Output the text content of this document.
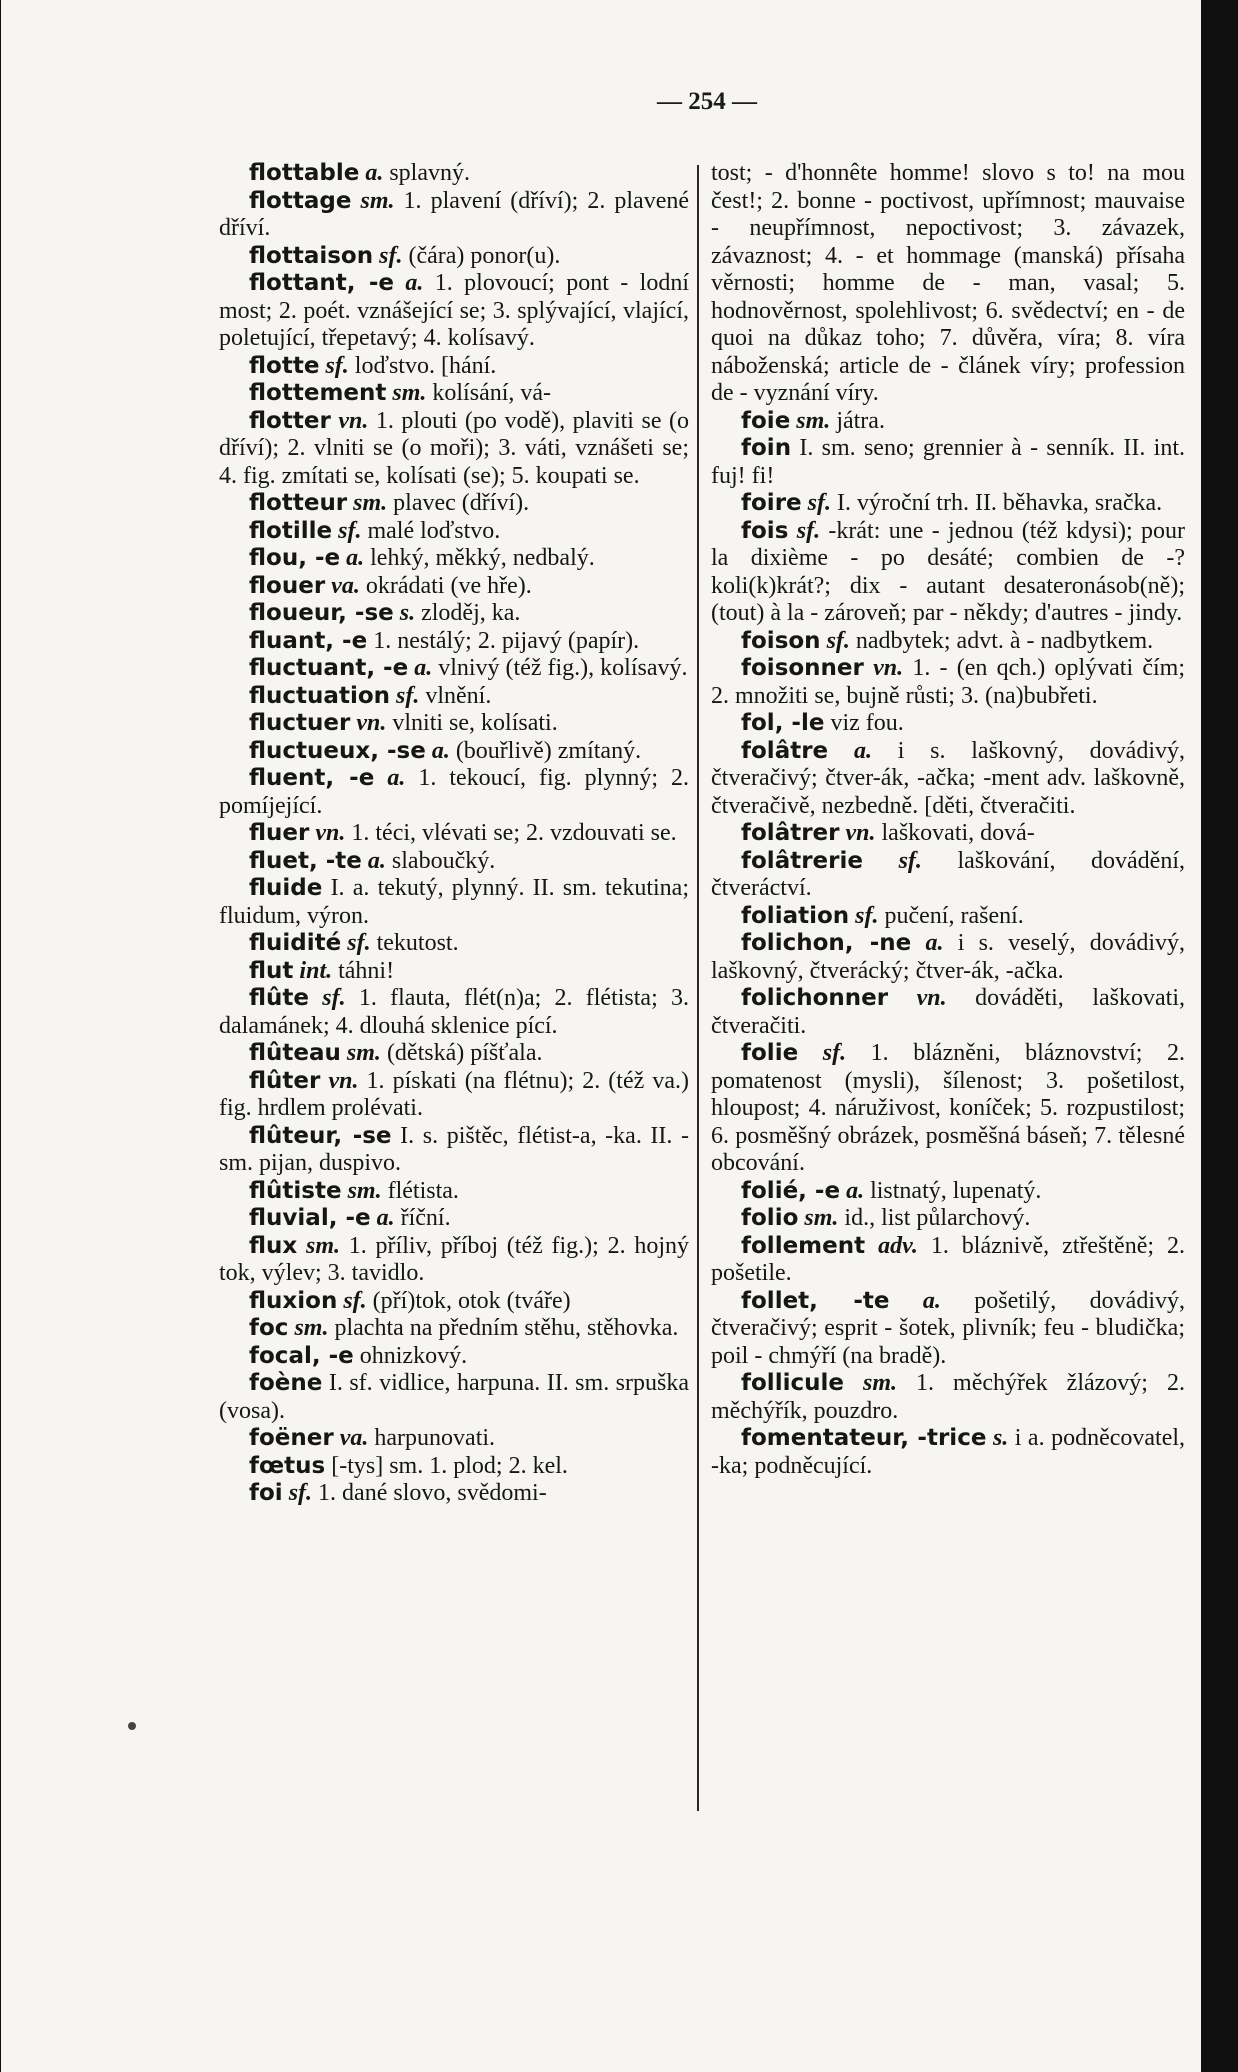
— 254 —

flottable a. splavný.

flottage sm. 1. plavení (dříví); 2. plavené dříví.

flottaison sf. (čára) ponor(u).

flottant, -e a. 1. plovoucí; pont - lodní most; 2. poét. vznášející se; 3. splývající, vlající, poletující, třepetavý; 4. kolísavý.

flotte sf. loďstvo. [hání.

flottement sm. kolísání, vá-

flotter vn. 1. plouti (po vodě), plaviti se (o dříví); 2. vlniti se (o moři); 3. váti, vznášeti se; 4. fig. zmítati se, kolísati (se); 5. koupati se.

flotteur sm. plavec (dříví).

flotille sf. malé loďstvo.

flou, -e a. lehký, měkký, nedbalý.

flouer va. okrádati (ve hře).

floueur, -se s. zloděj, ka.

fluant, -e 1. nestálý; 2. pijavý (papír).

fluctuant, -e a. vlnivý (též fig.), kolísavý.

fluctuation sf. vlnění.

fluctuer vn. vlniti se, kolísati.

fluctueux, -se a. (bouřlivě) zmítaný.

fluent, -e a. 1. tekoucí, fig. plynný; 2. pomíjející.

fluer vn. 1. téci, vlévati se; 2. vzdouvati se.

fluet, -te a. slaboučký.

fluide I. a. tekutý, plynný. II. sm. tekutina; fluidum, výron.

fluidité sf. tekutost.

flut int. táhni!

flûte sf. 1. flauta, flét(n)a; 2. flétista; 3. dalamánek; 4. dlouhá sklenice pící.

flûteau sm. (dětská) píšťala.

flûter vn. 1. pískati (na flétnu); 2. (též va.) fig. hrdlem prolévati.

flûteur, -se I. s. pištěc, flétist-a, -ka. II. - sm. pijan, duspivo.

flûtiste sm. flétista.

fluvial, -e a. říční.

flux sm. 1. příliv, příboj (též fig.); 2. hojný tok, výlev; 3. tavidlo.

fluxion sf. (pří)tok, otok (tváře)

foc sm. plachta na předním stěhu, stěhovka.

focal, -e ohnizkový.

foène I. sf. vidlice, harpuna. II. sm. srpuška (vosa).

foëner va. harpunovati.

fœtus [-tys] sm. 1. plod; 2. kel.

foi sf. 1. dané slovo, svědomi-

tost; - d'honnête homme! slovo s to! na mou čest!; 2. bonne - poctivost, upřímnost; mauvaise - neupřímnost, nepoctivost; 3. závazek, závaznost; 4. - et hommage (manská) přísaha věrnosti; homme de - man, vasal; 5. hodnověrnost, spolehlivost; 6. svědectví; en - de quoi na důkaz toho; 7. důvěra, víra; 8. víra náboženská; article de - článek víry; profession de - vyznání víry.

foie sm. játra.

foin I. sm. seno; grennier à - senník. II. int. fuj! fi!

foire sf. I. výroční trh. II. běhavka, sračka.

fois sf. -krát: une - jednou (též kdysi); pour la dixième - po desáté; combien de -? koli(k)krát?; dix - autant desateronásob(ně); (tout) à la - zároveň; par - někdy; d'autres - jindy.

foison sf. nadbytek; advt. à - nadbytkem.

foisonner vn. 1. - (en qch.) oplývati čím; 2. množiti se, bujně růsti; 3. (na)bubřeti.

fol, -le viz fou.

folâtre a. i s. laškovný, dovádivý, čtveračivý; čtver-ák, -ačka; -ment adv. laškovně, čtveračivě, nezbedně. [děti, čtveračiti.

folâtrer vn. laškovati, dová-

folâtrerie sf. laškování, dovádění, čtveráctví.

foliation sf. pučení, rašení.

folichon, -ne a. i s. veselý, dovádivý, laškovný, čtverácký; čtver-ák, -ačka.

folichonner vn. dováděti, laškovati, čtveračiti.

folie sf. 1. blázněni, bláznovství; 2. pomatenost (mysli), šílenost; 3. pošetilost, hloupost; 4. náruživost, koníček; 5. rozpustilost; 6. posměšný obrázek, posměšná báseň; 7. tělesné obcování.

folié, -e a. listnatý, lupenatý.

folio sm. id., list půlarchový.

follement adv. 1. bláznivě, ztřeštěně; 2. pošetile.

follet, -te a. pošetilý, dovádivý, čtveračivý; esprit - šotek, plivník; feu - bludička; poil - chmýří (na bradě).

follicule sm. 1. měchýřek žlázový; 2. měchýřík, pouzdro.

fomentateur, -trice s. i a. podněcovatel, -ka; podněcující.
